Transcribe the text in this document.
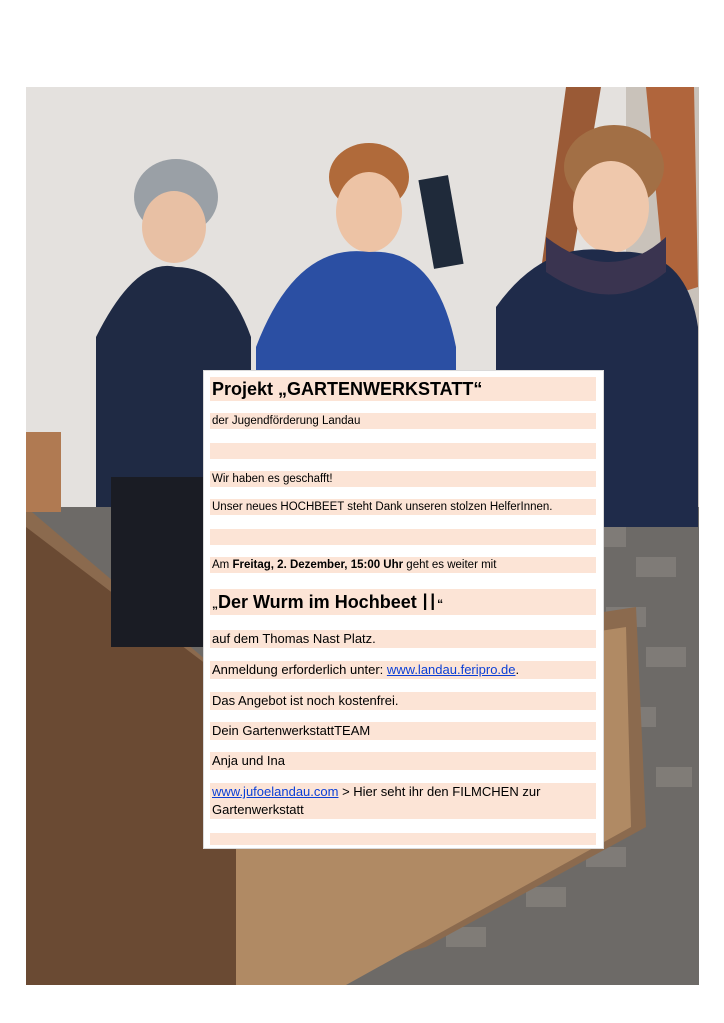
Projekt „GARTENWERKSTATT“
der Jugendförderung Landau
Wir haben es geschafft!
Unser neues HOCHBEET steht Dank unseren stolzen HelferInnen.
Am Freitag, 2. Dezember, 15:00 Uhr geht es weiter mit
„Der Wurm im Hochbeet II“
auf dem Thomas Nast Platz.
Anmeldung erforderlich unter: www.landau.feripro.de.
Das Angebot ist noch kostenfrei.
Dein GartenwerkstattTEAM
Anja und Ina
www.jufoelandau.com > Hier seht ihr den FILMCHEN zur Gartenwerkstatt
